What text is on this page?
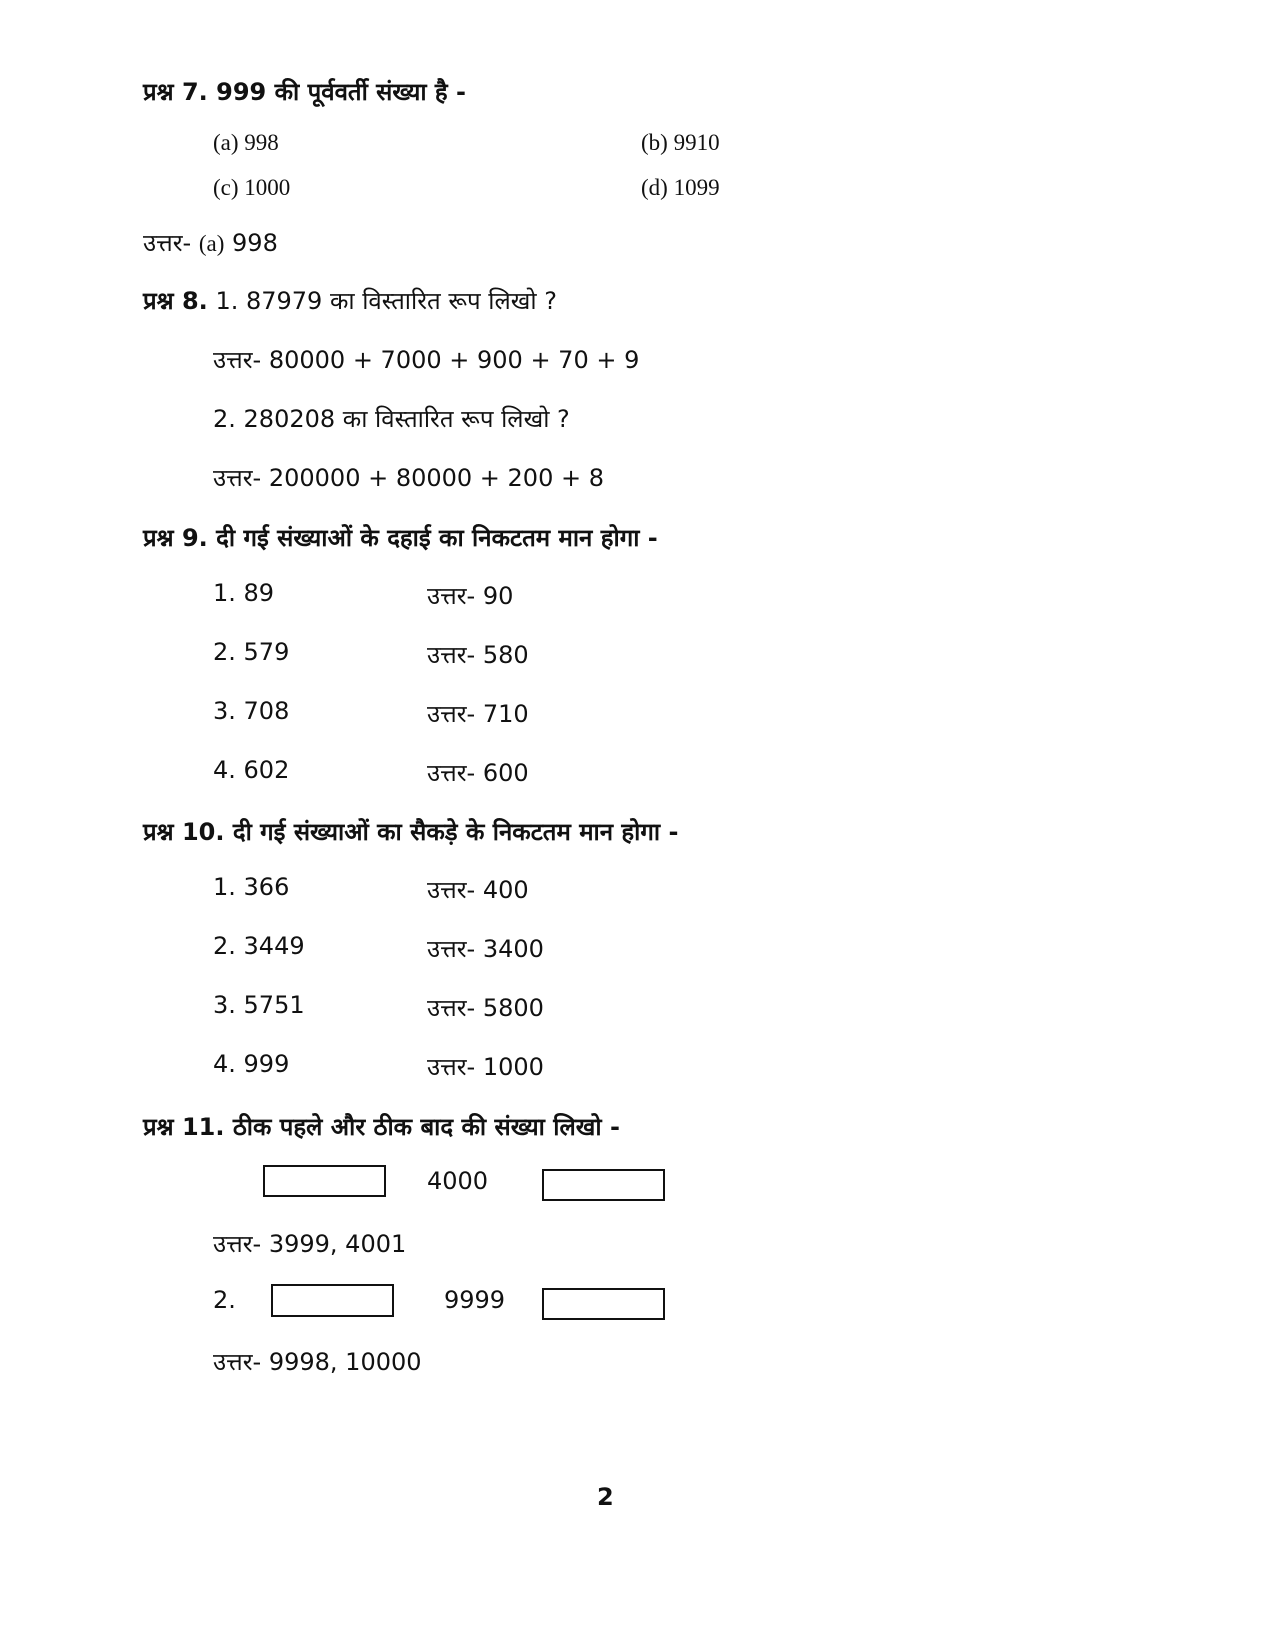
प्रश्न 7. 999 की पूर्ववर्ती संख्या है -
(a) 998	(b) 9910
(c) 1000	(d) 1099
उत्तर- (a) 998
प्रश्न 8. 1. 87979 का विस्तारित रूप लिखो ?
उत्तर- 80000 + 7000 + 900 + 70 + 9
2. 280208 का विस्तारित रूप लिखो ?
उत्तर- 200000 + 80000 + 200 + 8
प्रश्न 9. दी गई संख्याओं के दहाई का निकटतम मान होगा -
1. 89	उत्तर- 90
2. 579	उत्तर- 580
3. 708	उत्तर- 710
4. 602	उत्तर- 600
प्रश्न 10. दी गई संख्याओं का सैकड़े के निकटतम मान होगा -
1. 366	उत्तर- 400
2. 3449	उत्तर- 3400
3. 5751	उत्तर- 5800
4. 999	उत्तर- 1000
प्रश्न 11. ठीक पहले और ठीक बाद की संख्या लिखो -
4000
उत्तर- 3999, 4001
2.	9999
उत्तर- 9998, 10000
2
